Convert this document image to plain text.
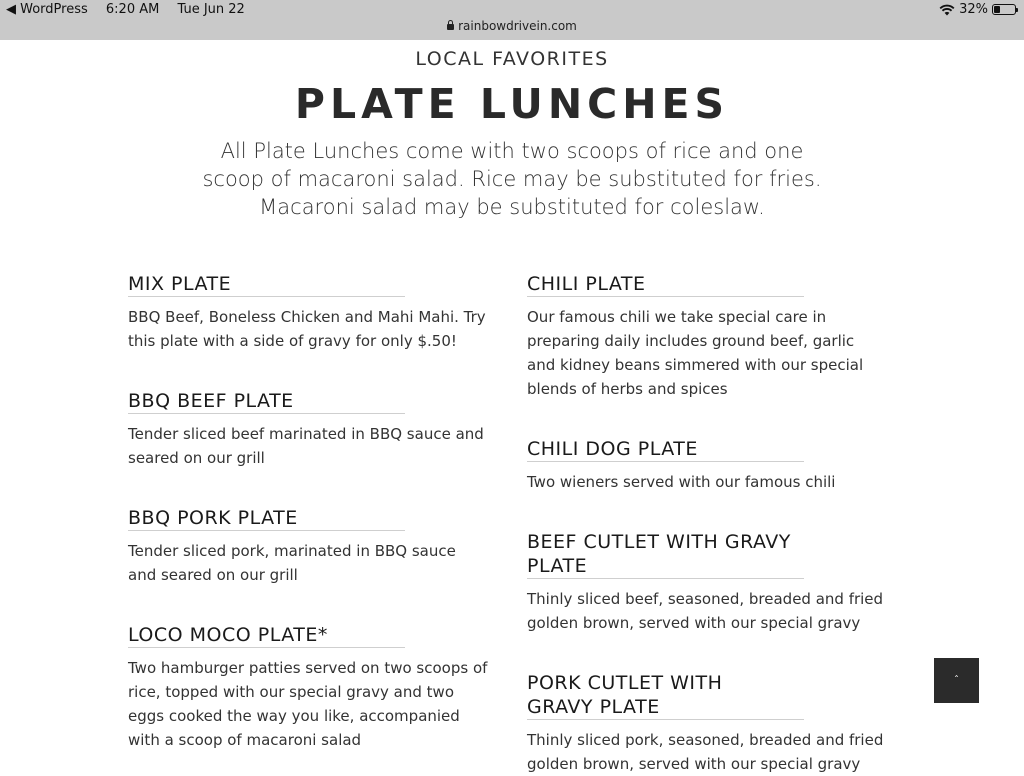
◀ WordPress 6:20 AM Tue Jun 22	32%
rainbowdrivein.com
LOCAL FAVORITES
PLATE LUNCHES
All Plate Lunches come with two scoops of rice and one scoop of macaroni salad. Rice may be substituted for fries. Macaroni salad may be substituted for coleslaw.
MIX PLATE

BBQ Beef, Boneless Chicken and Mahi Mahi. Try this plate with a side of gravy for only $.50!

BBQ BEEF PLATE

Tender sliced beef marinated in BBQ sauce and seared on our grill

BBQ PORK PLATE

Tender sliced pork, marinated in BBQ sauce and seared on our grill

LOCO MOCO PLATE*

Two hamburger patties served on two scoops of rice, topped with our special gravy and two eggs cooked the way you like, accompanied with a scoop of macaroni salad

CHILI PLATE

Our famous chili we take special care in preparing daily includes ground beef, garlic and kidney beans simmered with our special blends of herbs and spices

CHILI DOG PLATE

Two wieners served with our famous chili

BEEF CUTLET WITH GRAVY PLATE

Thinly sliced beef, seasoned, breaded and fried golden brown, served with our special gravy

PORK CUTLET WITH GRAVY PLATE

Thinly sliced pork, seasoned, breaded and fried golden brown, served with our special gravy

ˆ
